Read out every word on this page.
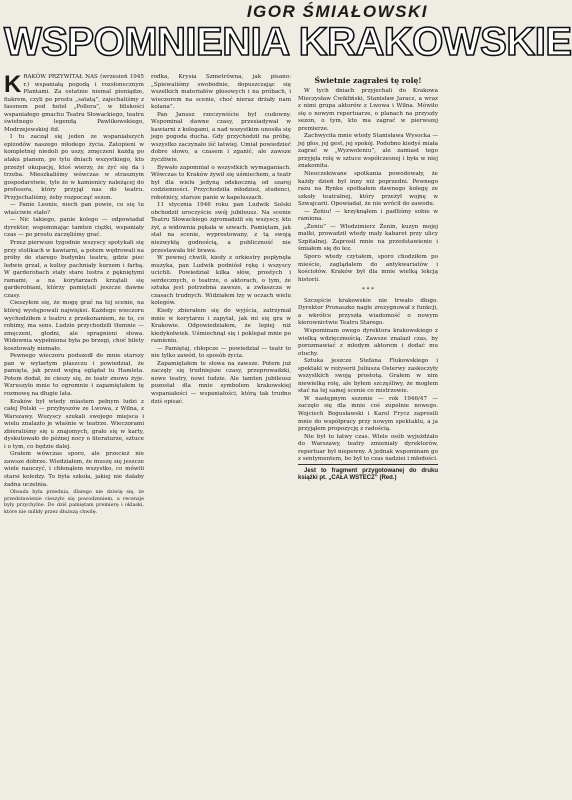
IGOR ŚMIAŁOWSKI
WSPOMNIENIA KRAKOWSKIE

KRAKÓW PRZYWITAŁ NAS (wrzesień 1945 r.) wspaniałą pogodą i rozsłonecznym Plantami. Za ostatnie niemal pieniądze, fiakrem, czyli po prostu „satatą”, zajechaliśmy z fasonem pod hotel „Pollera”, w bliskości wspaniałego gmachu Teatru Słowackiego, teatru świetnego legendą Pawlikowskiego, Modrzejewskiej itd.

I tu zaczął się jeden ze wspaniałszych epizodów naszego młodego życia. Zatopieni w kompletnej niedoli po uszy, zmęczeni każdą po ataku planem, po tylu dniach wszystkiego, kto przeżył okupację, ktoś wierzy, że żyć się da i trzeba. Mieszkaliśmy wówczas w strasznym gospodarstwie, tyle że w kamienicy należącej do profesora, który przyjął nas do teatru. Przyjechaliśmy, żeby rozpocząć sezon.

— Panie Leonie, niech pan powie, co się tu właściwie stało?

— Nic takiego, panie kolego — odpowiadał dyrektor, wspominając tamten ciężki, wspaniały czas — po prostu zaczęliśmy grać.

Przez pierwsze tygodnie wszyscy spotykali się przy stolikach w kawiarni, a potem wędrowali na próby do starego budynku teatru, gdzie piec ledwie grzał, a kulisy pachniały kurzem i farbą. W garderobach stały stare lustra z pękniętymi ramami, a na korytarzach krzątali się garderobiani, którzy pamiętali jeszcze dawne czasy.

Cieszyłem się, że mogę grać na tej scenie, na której występowali najwięksi. Każdego wieczoru wychodziłem z teatru z przekonaniem, że to, co robimy, ma sens. Ludzie przychodzili tłumnie — zmęczeni, głodni, ale spragnieni słowa. Widownia wypełniona była po brzegi, choć bilety kosztowały niemało.

Pewnego wieczoru podszedł do mnie starszy pan w wytartym płaszczu i powiedział, że pamięta, jak przed wojną oglądał tu Hamleta. Potem dodał, że cieszy się, że teatr znowu żyje. Wzruszyło mnie to ogromnie i zapamiętałem tę rozmowę na długie lata.

Kraków był wtedy miastem pełnym ludzi z całej Polski — przybyszów ze Lwowa, z Wilna, z Warszawy. Wszyscy szukali swojego miejsca i wielu znalazło je właśnie w teatrze. Wieczorami zbieraliśmy się u znajomych, grało się w karty, dyskutowało do późnej nocy o literaturze, sztuce i o tym, co będzie dalej.

Grałem wówczas sporo, ale przecież nie zawsze dobrze. Wiedziałem, że muszę się jeszcze wiele nauczyć, i chłonąłem wszystko, co mówili starsi koledzy. To była szkoła, jakiej nie dałaby żadna uczelnia.

Obsada była przednia, dlatego nie dziwię się, że przedstawienie cieszyło się powodzeniem, a recenzje były przychylne. Do dziś pamiętam premierę i oklaski, które nie milkły przez dłuższą chwilę.

rodka, Krysia Szmetrówna, jak pisano: „Śpiewaliśmy swobodnie, dopuszczając się wszelkich materiałów głosowych i na próbach, i wieczorem na scenie, choć nieraz drżały nam kolana”.

Pan Janusz rzeczywiście był cudowny. Wspominał dawne czasy, przesiadywał w kawiarni z kolegami, a nad wszystkim unosiła się jego pogoda ducha. Gdy przychodził na próbę, wszystko zaczynało iść łatwiej. Umiał powiedzieć dobre słowo, a czasem i zganić, ale zawsze życzliwie.

Bywało zapomniał o wszystkich wymaganiach. Wówczas to Kraków żywił się uśmiechem, a teatr był dla wielu jedyną odskocznią od szarej codzienności. Przychodziła młodzież, studenci, robotnicy, starsze panie w kapeluszach.

11 stycznia 1946 roku pan Ludwik Solski obchodził uroczyście swój jubileusz. Na scenie Teatru Słowackiego zgromadzili się wszyscy, kto żył, a widownia pękała w szwach. Pamiętam, jak stał na scenie, wyprostowany, z tą swoją niezwykłą godnością, a publiczność nie przestawała bić brawa.

W pewnej chwili, kiedy z orkiestry popłynęła muzyka, pan Ludwik podniósł rękę i wszyscy ucichli. Powiedział kilka słów, prostych i serdecznych, o teatrze, o aktorach, o tym, że sztuka jest potrzebna zawsze, a zwłaszcza w czasach trudnych. Widziałem łzy w oczach wielu kolegów.

Kiedy zbierałem się do wyjścia, zatrzymał mnie w korytarzu i zapytał, jak mi się gra w Krakowie. Odpowiedziałem, że lepiej niż kiedykolwiek. Uśmiechnął się i poklepał mnie po ramieniu.

— Pamiętaj, chłopcze — powiedział — teatr to nie tylko zawód, to sposób życia.

Zapamiętałem te słowa na zawsze. Potem już zaczęły się trudniejsze czasy, przeprowadzki, nowe teatry, nowi ludzie. Ale tamten jubileusz pozostał dla mnie symbolem krakowskiej wspaniałości — wspaniałości, którą tak trudno dziś opisać.

Świetnie zagrałeś tę rolę!

W tych dniach przyjechali do Krakowa Mieczysław Ćwikliński, Stanisław Jaracz, a wraz z nimi grupa aktorów z Lwowa i Wilna. Mówiło się o nowym repertuarze, o planach na przyszły sezon, o tym, kto ma zagrać w pierwszej premierze.

Zachwyciła mnie wtedy Stanisława Wysocka — jej głos, jej gest, jej spokój. Podobno kiedyś miała zagrać w „Wyzwoleniu”, ale zamiast tego przyjęła rolę w sztuce współczesnej i była w niej znakomita.

Nieoczekiwane spotkania powodowały, że każdy dzień był inny niż poprzedni. Pewnego razu na Rynku spotkałem dawnego kolegę ze szkoły teatralnej, który przeżył wojnę w Szwajcarii. Opowiadał, że nie wrócił do zawodu.

— Żeńiu! — krzyknąłem i padliśmy sobie w ramiona.

„Żeniu” — Włodzimierz Żenin, kuzyn mojej matki, prowadził wtedy mały kabaret przy ulicy Szpitalnej. Zaprosił mnie na przedstawienie i śmiałem się do łez.

Sporo wtedy czytałem, sporo chodziłem po mieście, zaglądałem do antykwariatów i kościołów. Kraków był dla mnie wielką lekcją historii.

* * *

Szczęście krakowskie nie trwało długo. Dyrektor Pronaszko nagle zrezygnował z funkcji, a wkrótce przyszła wiadomość o nowym kierownictwie Teatru Starego.

Wspominam owego dyrektora krakowskiego z wielką wdzięcznością. Zawsze znalazł czas, by porozmawiać z młodym aktorem i dodać mu otuchy.

Sztuka jeszcze Stefana Flukowskiego i spektakl w reżyserii Juliusza Osterwy zaskoczyły wszystkich swoją prostotą. Grałem w nim niewielką rolę, ale byłem szczęśliwy, że mogłem stać na tej samej scenie co mistrzowie.

W następnym sezonie — rok 1946/47 — zaczęło się dla mnie coś zupełnie nowego. Wojciech Bogusławski i Karol Frycz zaprosili mnie do współpracy przy nowym spektaklu, a ja przyjąłem propozycję z radością.

Nie był to łatwy czas. Wiele osób wyjeżdżało do Warszawy, teatry zmieniały dyrektorów, repertuar był niepewny. A jednak wspominam go z sentymentem, bo był to czas nadziei i młodości.

Jest to fragment przygotowanej do druku książki pt. „CAŁA WSTECZ” (Red.)
